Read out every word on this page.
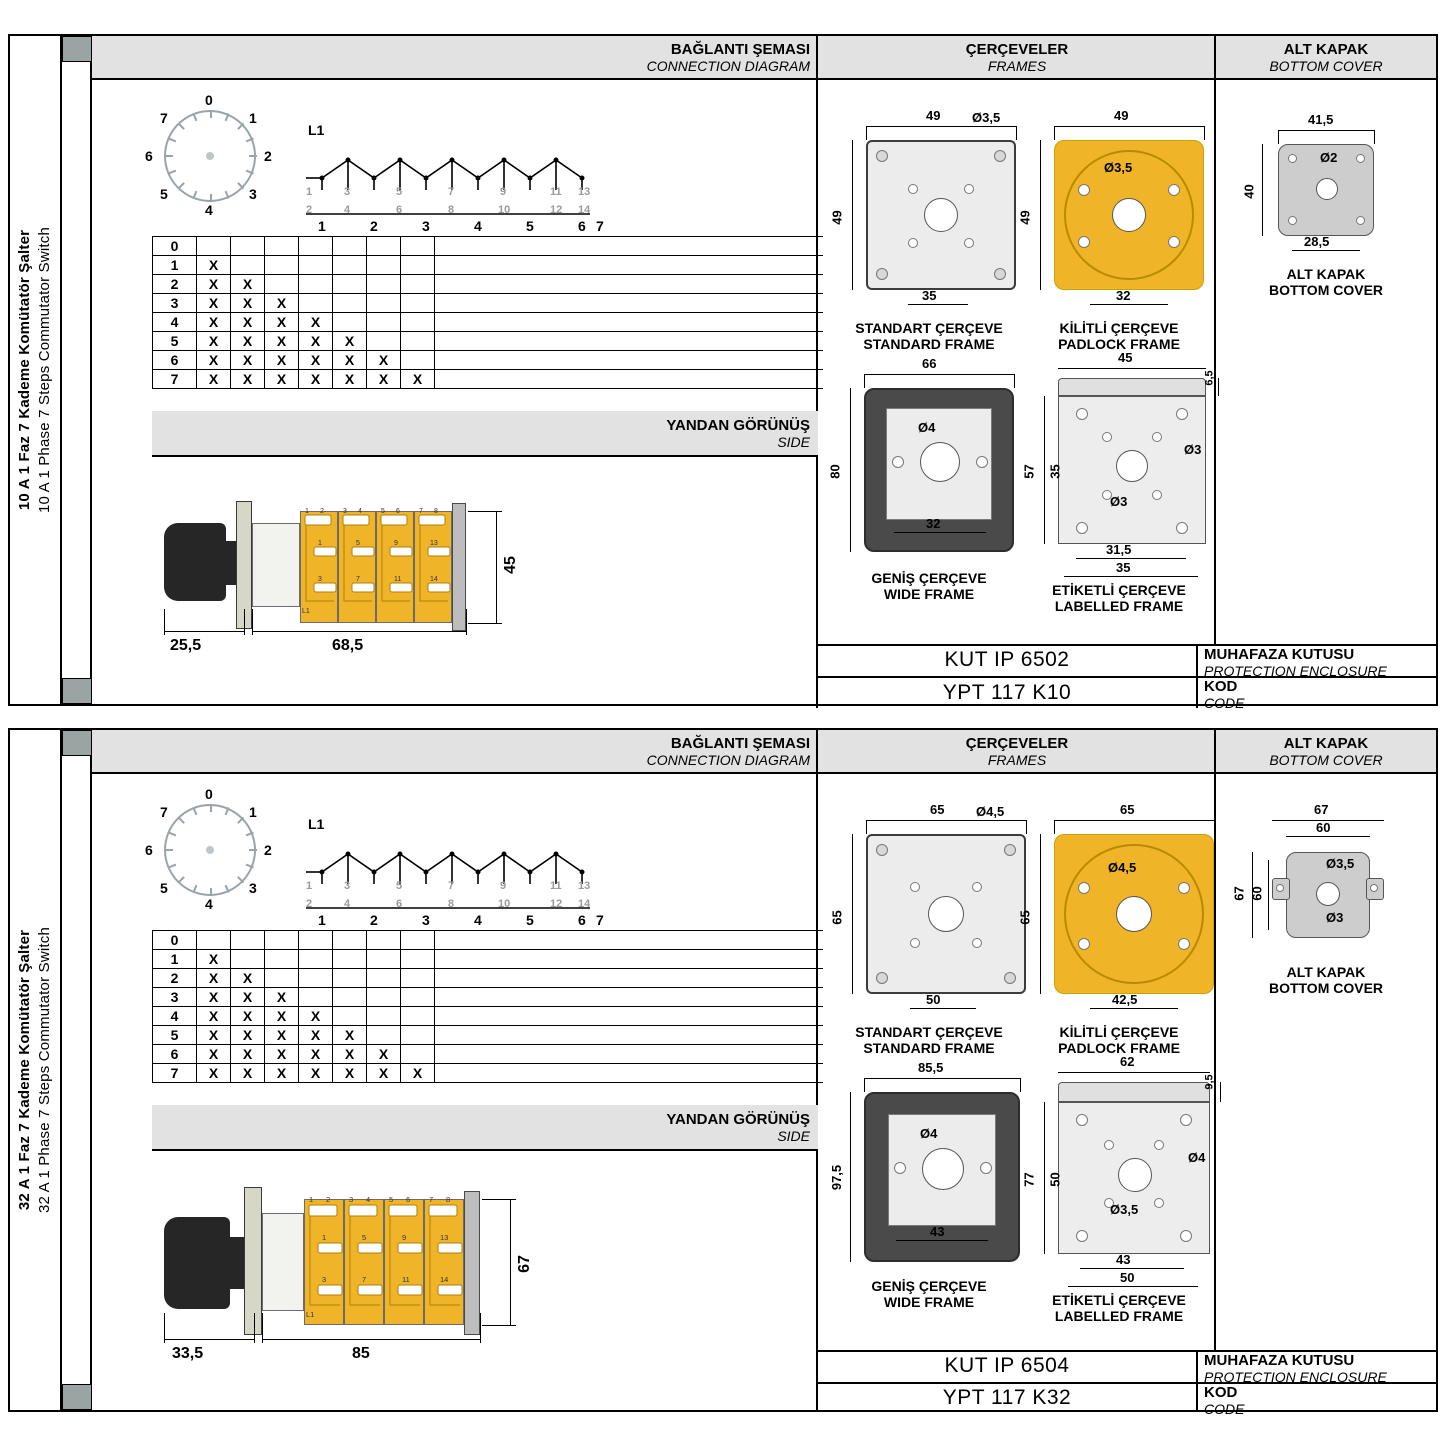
10 A 1 Faz 7 Kademe Komütatör Şalter 10 A 1 Phase 7 Steps Commutator Switch
BAĞLANTI ŞEMASI
CONNECTION DIAGRAM
ÇERÇEVELER
FRAMES
ALT KAPAK
BOTTOM COVER
0
1
2
3
4
5
6
7
L1
1
2
3
4
5
6
7
8
9
10
11
12
13
14
1	2	3	4	5	6 7
0								
1	X							
2	X	X						
3	X	X	X					
4	X	X	X	X				
5	X	X	X	X	X			
6	X	X	X	X	X	X		
7	X	X	X	X	X	X	X	
YANDAN GÖRÜNÜŞ
SIDE
1 2	3 4	5 6	7 8
1	5	9	13
3	7	11	14
L1
25,5	68,5
45
49
49
35
Ø3,5
STANDART ÇERÇEVE
STANDARD FRAME
49
49
32
Ø3,5
KİLİTLİ ÇERÇEVE
PADLOCK FRAME
66
80
32
Ø4
GENİŞ ÇERÇEVE
WIDE FRAME
45
6,5
57 35
Ø3
Ø3
31,5
35
ETİKETLİ ÇERÇEVE
LABELLED FRAME
41,5
40
28,5
Ø2
ALT KAPAK
BOTTOM COVER
KUT IP 6502	MUHAFAZA KUTUSU
PROTECTION ENCLOSURE
YPT 117 K10	KOD
CODE
32 A 1 Faz 7 Kademe Komütatör Şalter 32 A 1 Phase 7 Steps Commutator Switch
BAĞLANTI ŞEMASI
CONNECTION DIAGRAM
ÇERÇEVELER
FRAMES
ALT KAPAK
BOTTOM COVER
0
1
2
3
4
5
6
7
L1
1
2
3
4
5
6
7
8
9
10
11
12
13
14
1	2	3	4	5	6 7
0								
1	X							
2	X	X						
3	X	X	X					
4	X	X	X	X				
5	X	X	X	X	X			
6	X	X	X	X	X	X		
7	X	X	X	X	X	X	X	
YANDAN GÖRÜNÜŞ
SIDE
1 2	3 4	5 6	7 8
1	5	9	13
3	7	11	14
L1
33,5	85
67
65
65
50
Ø4,5
STANDART ÇERÇEVE
STANDARD FRAME
65
65
42,5
Ø4,5
KİLİTLİ ÇERÇEVE
PADLOCK FRAME
85,5
97,5
43
Ø4
GENİŞ ÇERÇEVE
WIDE FRAME
62
9,5
77 50
Ø4
Ø3,5
43
50
ETİKETLİ ÇERÇEVE
LABELLED FRAME
67
60
67 60
Ø3,5
Ø3
ALT KAPAK
BOTTOM COVER
KUT IP 6504	MUHAFAZA KUTUSU
PROTECTION ENCLOSURE
YPT 117 K32	KOD
CODE
